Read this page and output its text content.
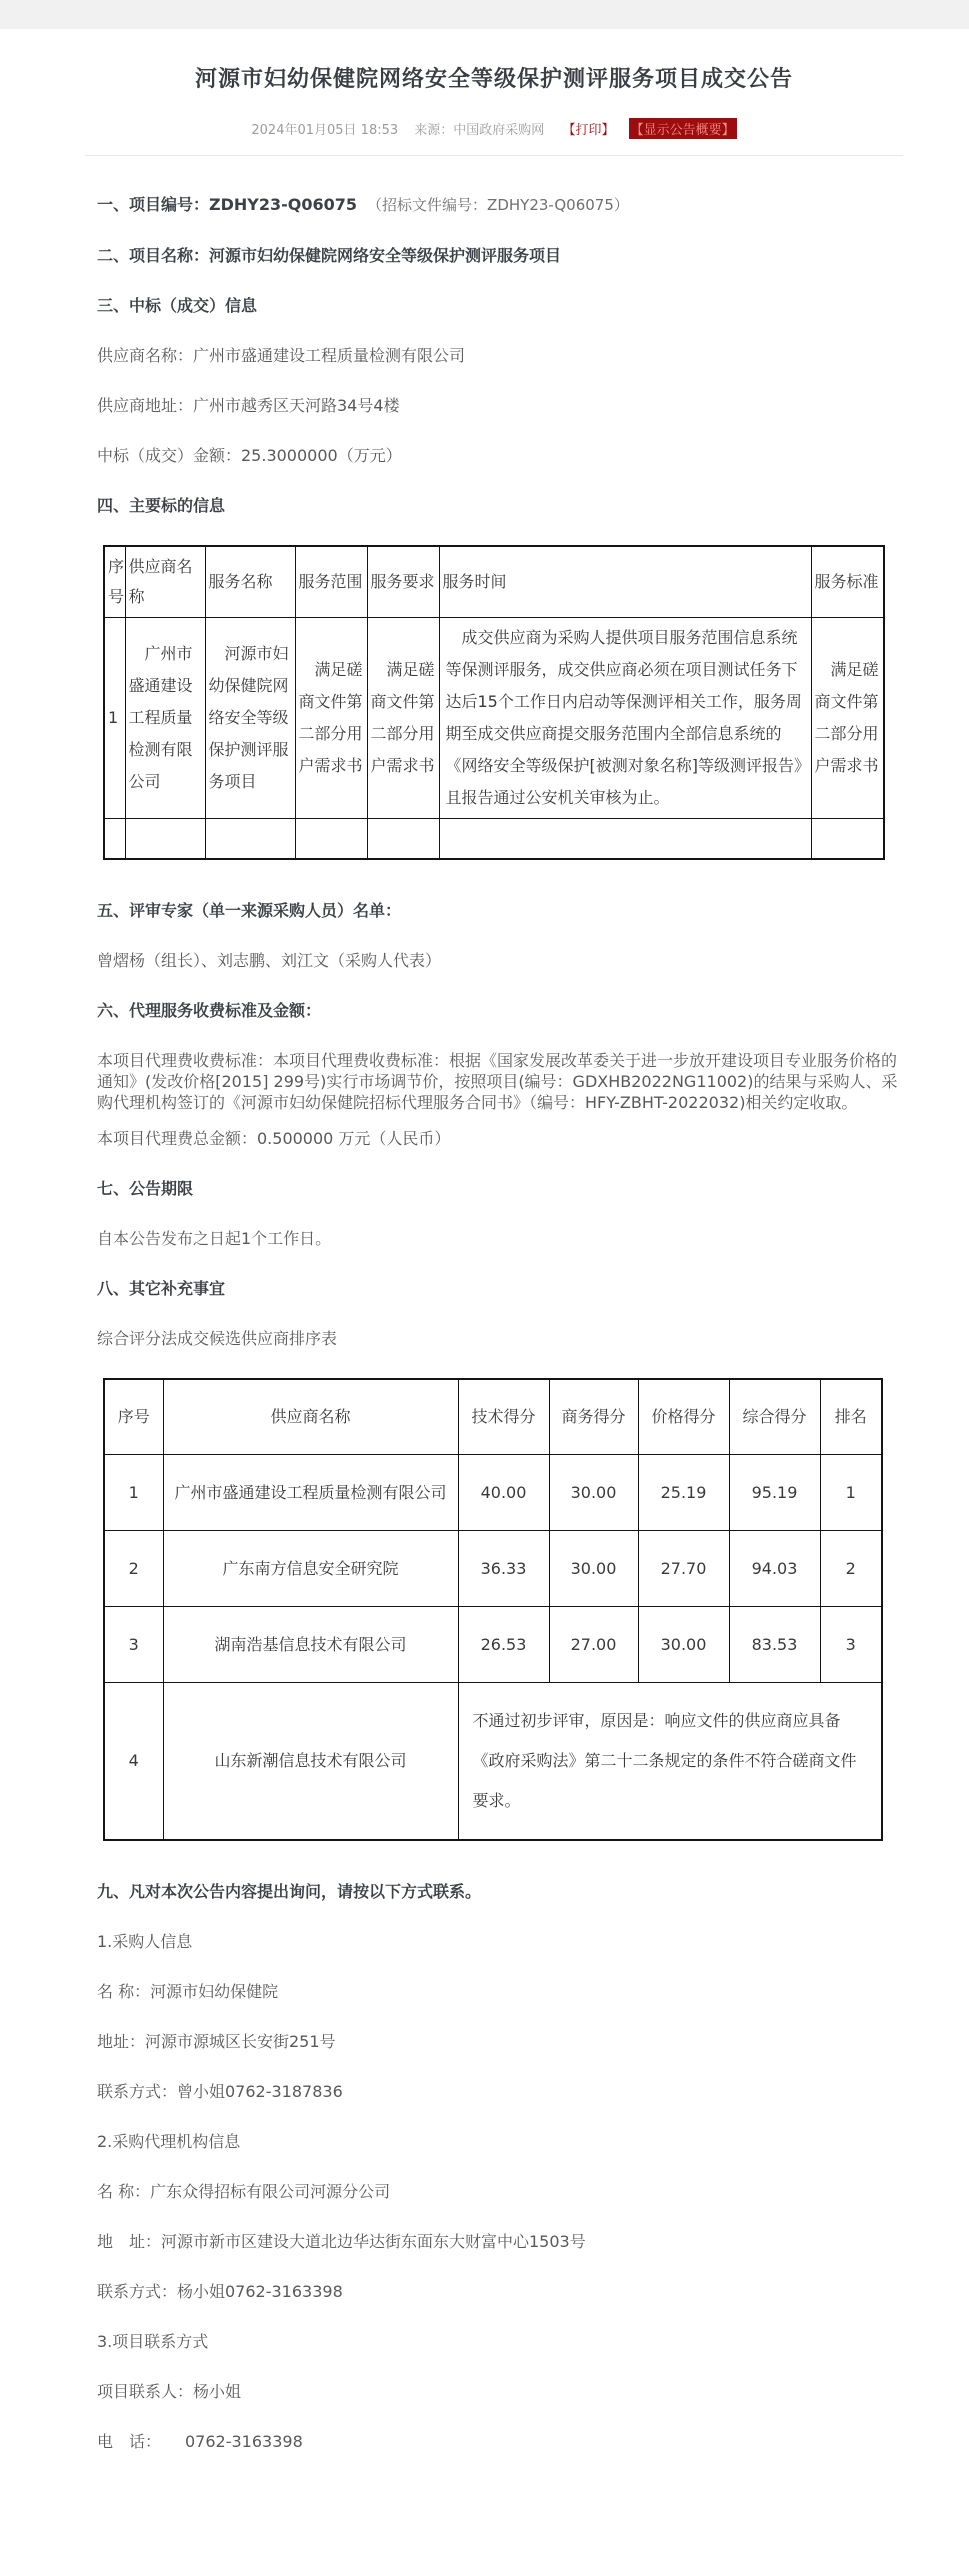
河源市妇幼保健院网络安全等级保护测评服务项目成交公告
2024年01月05日 18:53 来源：中国政府采购网 【打印】 【显示公告概要】

一、项目编号：ZDHY23-Q06075 （招标文件编号：ZDHY23-Q06075）

二、项目名称：河源市妇幼保健院网络安全等级保护测评服务项目

三、中标（成交）信息

供应商名称：广州市盛通建设工程质量检测有限公司

供应商地址：广州市越秀区天河路34号4楼

中标（成交）金额：25.3000000（万元）

四、主要标的信息

序号	供应商名称	服务名称	服务范围	服务要求	服务时间	服务标准
1	广州市盛通建设工程质量检测有限公司	河源市妇幼保健院网络安全等级保护测评服务项目	满足磋商文件第二部分用户需求书	满足磋商文件第二部分用户需求书	成交供应商为采购人提供项目服务范围信息系统等保测评服务，成交供应商必须在项目测试任务下达后15个工作日内启动等保测评相关工作，服务周期至成交供应商提交服务范围内全部信息系统的《网络安全等级保护[被测对象名称]等级测评报告》且报告通过公安机关审核为止。	满足磋商文件第二部分用户需求书

五、评审专家（单一来源采购人员）名单：

曾熠杨（组长）、刘志鹏、刘江文（采购人代表）

六、代理服务收费标准及金额：

本项目代理费收费标准：本项目代理费收费标准：根据《国家发展改革委关于进一步放开建设项目专业服务价格的通知》(发改价格[2015] 299号)实行市场调节价，按照项目(编号：GDXHB2022NG11002)的结果与采购人、采购代理机构签订的《河源市妇幼保健院招标代理服务合同书》（编号：HFY-ZBHT-2022032)相关约定收取。

本项目代理费总金额：0.500000 万元（人民币）

七、公告期限

自本公告发布之日起1个工作日。

八、其它补充事宜

综合评分法成交候选供应商排序表

序号	供应商名称	技术得分	商务得分	价格得分	综合得分	排名
1	广州市盛通建设工程质量检测有限公司	40.00	30.00	25.19	95.19	1
2	广东南方信息安全研究院	36.33	30.00	27.70	94.03	2
3	湖南浩基信息技术有限公司	26.53	27.00	30.00	83.53	3
4	山东新潮信息技术有限公司	不通过初步评审，原因是：响应文件的供应商应具备《政府采购法》第二十二条规定的条件不符合磋商文件要求。				

九、凡对本次公告内容提出询问，请按以下方式联系。

1.采购人信息

名 称：河源市妇幼保健院

地址：河源市源城区长安街251号

联系方式：曾小姐0762-3187836

2.采购代理机构信息

名 称：广东众得招标有限公司河源分公司

地　址：河源市新市区建设大道北边华达街东面东大财富中心1503号

联系方式：杨小姐0762-3163398

3.项目联系方式

项目联系人：杨小姐

电　话：　　0762-3163398
